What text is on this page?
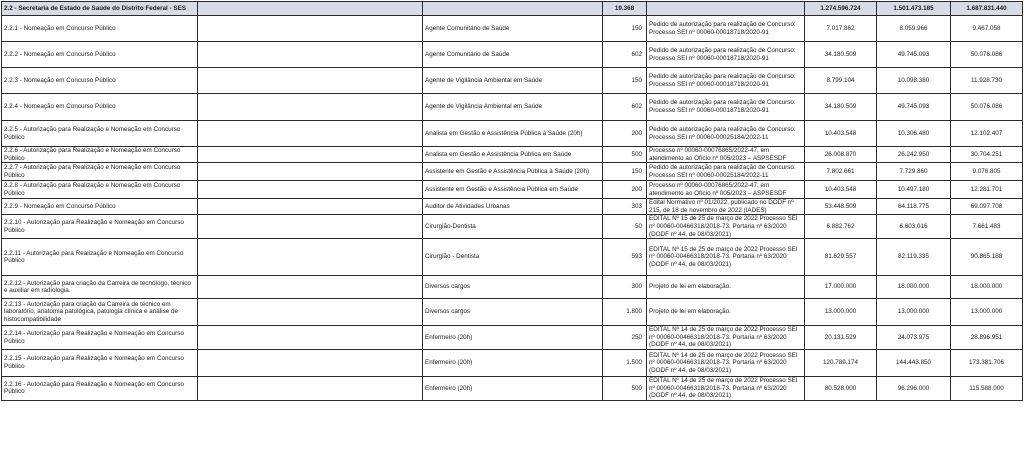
2.2 - Secretaria de Estado de Saúde do Distrito Federal - SES			19.368		1.274.596.724	1.501.473.185	1.687.831.440
2.2.1 - Nomeação em Concurso Público		Agente Comunitário de Saúde	150	Pedido de autorização para realização de Concurso: Processo SEI nº 00060-00018718/2020-91	7.017.862	8.059.966	9.467.058
2.2.2 - Nomeação em Concurso Público		Agente Comunitário de Saúde	602	Pedido de autorização para realização de Concurso: Processo SEI nº 00060-00018718/2020-91	34.180.509	49.745.093	50.076.086
2.2.3 - Nomeação em Concurso Público		Agente de Vigilância Ambiental em Saúde	150	Pedido de autorização para realização de Concurso: Processo SEI nº 00060-00018718/2020-91	8.799.104	10.098.380	11.928.730
2.2.4 - Nomeação em Concurso Público		Agente de Vigilância Ambiental em Saúde	602	Pedido de autorização para realização de Concurso: Processo SEI nº 00060-00018718/2020-91	34.180.509	49.745.093	50.076.086
2.2.5 - Autorização para Realização e Nomeação em Concurso Público		Analista em Gestão e Assistência Pública à Saúde (20h)	200	Pedido de autorização para realização de Concurso: Processo SEI nº 00060-00025184/2022-11	10.403.548	10.306.480	12.102.407
2.2.6 - Autorização para Realização e Nomeação em Concurso Público		Analista em Gestão e Assistência Pública em Saúde	500	Processo nº 00060-00076865/2022-47, em atendimento ao Ofício nº 005/2023 – ASPSESDF	26.008.870	26.242.950	30.704.251
2.2.7 - Autorização para Realização e Nomeação em Concurso Público		Assistente em Gestão e Assistência Pública à Saúde (20h)	150	Pedido de autorização para realização de Concurso: Processo SEI nº 00060-00025184/2022-11	7.802.661	7.729.860	9.076.805
2.2.8 - Autorização para Realização e Nomeação em Concurso Público		Assistente em Gestão e Assistência Pública em Saúde	200	Processo nº 00060-00076865/2022-47, em atendimento ao Ofício nº 005/2023 – ASPSESDF	10.403.548	10.497.180	12.281.701
2.2.9 - Nomeação em Concurso Público		Auditor de Atividades Urbanas	303	Edital Normativo nº 01/2022, publicado no DODF nº 215, de 18 de novembro de 2022 (IADES)	53.448.509	64.118.775	69.097.708
2.2.10 - Autorização para Realização e Nomeação em Concurso Público		Cirurgião-Dentista	50	EDITAL Nº 15 de 25 de março de 2022 Processo SEI nº 00060-00466318/2018-73. Portaria nº 63/2020 (DODF nº 44, de 08/03/2021)	6.882.762	6.603.016	7.661.483
2.2.11 - Autorização para Realização e Nomeação em Concurso Público		Cirurgião - Dentista	593	EDITAL Nº 15 de 25 de março de 2022 Processo SEI nº 00060-00466318/2018-73. Portaria nº 63/2020 (DODF nº 44, de 08/03/2021)	81.629.557	82.119.335	90.865.188
2.2.12 - Autorização para criação da Carreira de tecnólogo, técnico e auxiliar em radiologia.		Diversos cargos	300	Projeto de lei em elaboração.	17.000.000	18.000.000	18.000.000
2.2.13 - Autorização para criação da Carreira de técnico em laboratório, anatomia patológica, patologia clínica e análise de histocompatibilidade		Diversos cargos	1.800	Projeto de lei em elaboração.	13.000.000	13.000.000	13.000.000
2.2.14 - Autorização para Realização e Nomeação em Concurso Público		Enfermeiro (20h)	250	EDITAL Nº 14 de 25 de março de 2022 Processo SEI nº 00060-00466318/2018-73. Portaria nº 63/2020 (DODF nº 44, de 08/03/2021)	20.131.529	24.073.975	28.896.951
2.2.15 - Autorização para Realização e Nomeação em Concurso Público		Enfermeiro (20h)	1.500	EDITAL Nº 14 de 25 de março de 2022 Processo SEI nº 00060-00466318/2018-73. Portaria nº 63/2020 (DODF nº 44, de 08/03/2021)	120.789.174	144.443.850	173.381.706
2.2.16 - Autorização para Realização e Nomeação em Concurso Público		Enfermeiro (20h)	500	EDITAL Nº 14 de 25 de março de 2022 Processo SEI nº 00060-00466318/2018-73. Portaria nº 63/2020 (DODF nº 44, de 08/03/2021)	80.528.000	96.296.000	115.588.000
